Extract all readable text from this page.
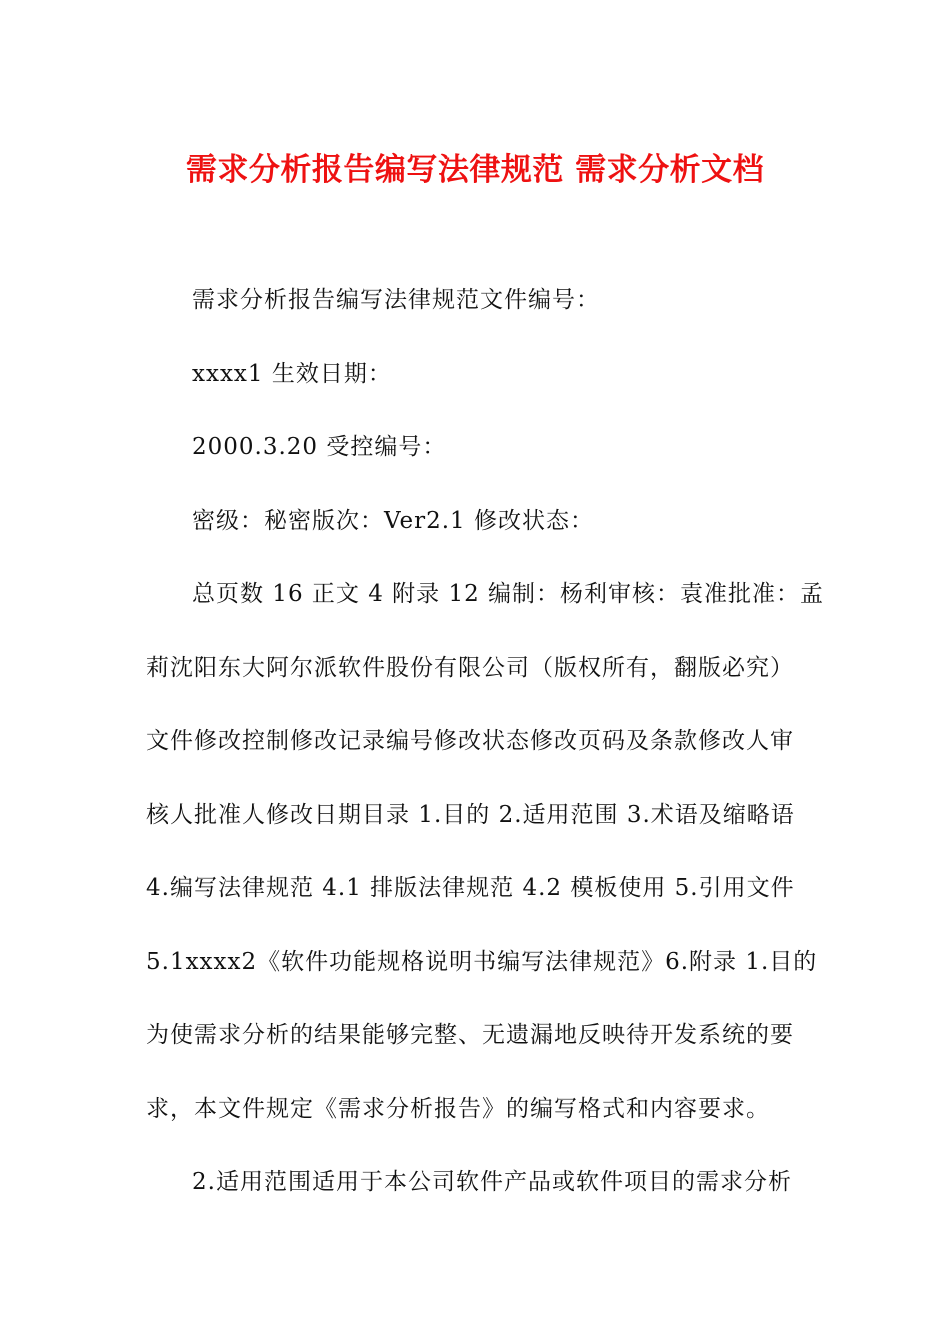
需求分析报告编写法律规范 需求分析文档
需求分析报告编写法律规范文件编号：
xxxx1 生效日期：
2000.3.20 受控编号：
密级：秘密版次：Ver2.1 修改状态：
总页数 16 正文 4 附录 12 编制：杨利审核：袁准批准：孟
莉沈阳东大阿尔派软件股份有限公司（版权所有，翻版必究）
文件修改控制修改记录编号修改状态修改页码及条款修改人审
核人批准人修改日期目录 1.目的 2.适用范围 3.术语及缩略语
4.编写法律规范 4.1 排版法律规范 4.2 模板使用 5.引用文件
5.1xxxx2《软件功能规格说明书编写法律规范》6.附录 1.目的
为使需求分析的结果能够完整、无遗漏地反映待开发系统的要
求，本文件规定《需求分析报告》的编写格式和内容要求。
2.适用范围适用于本公司软件产品或软件项目的需求分析
